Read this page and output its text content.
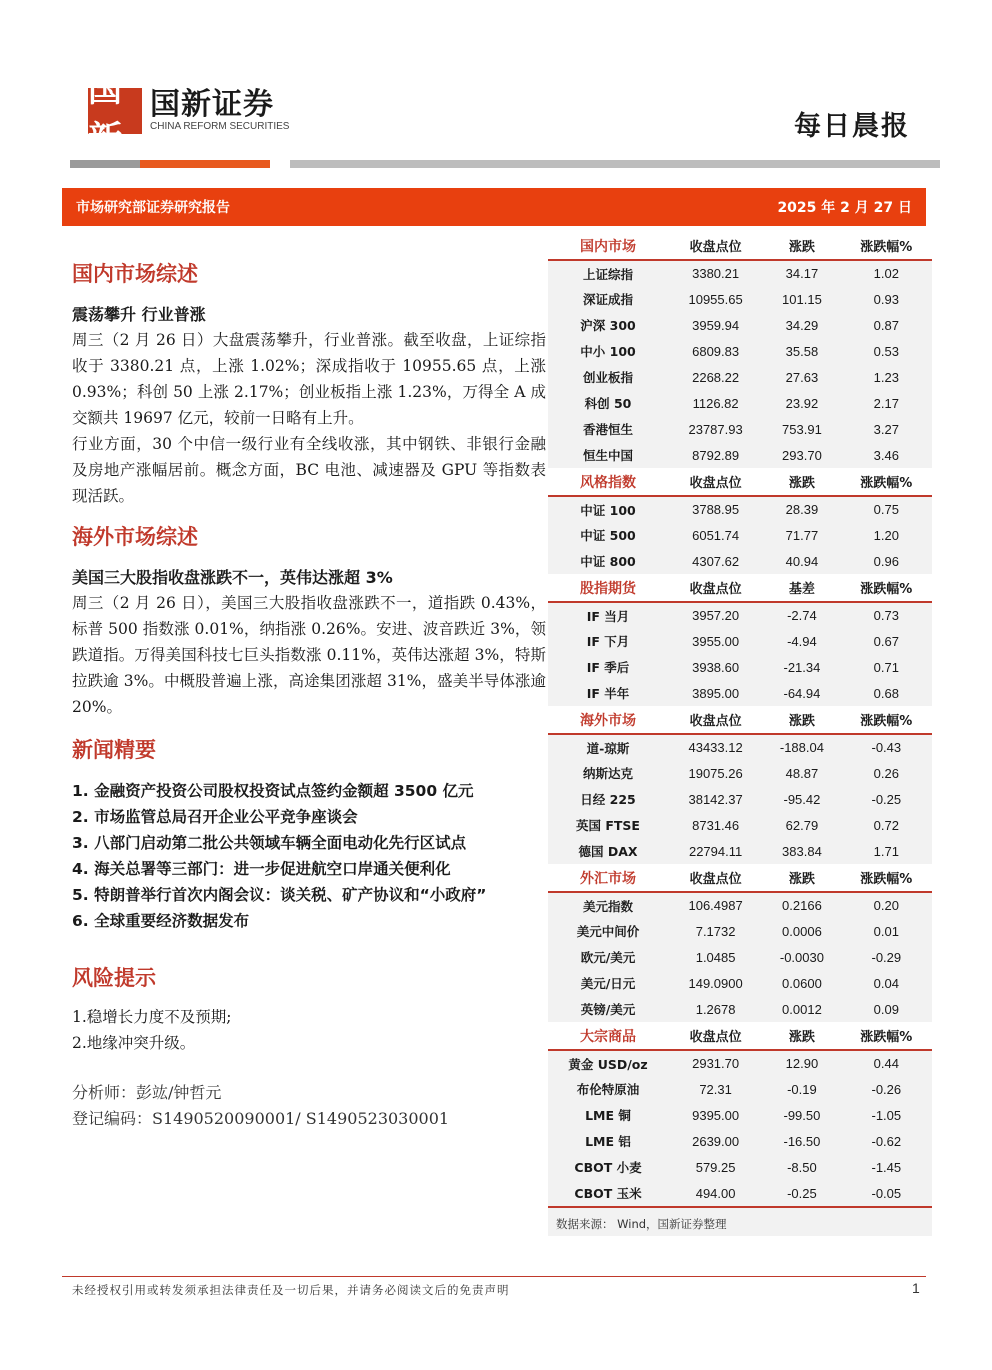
国新
国新证券
CHINA REFORM SECURITIES	每日晨报
市场研究部证券研究报告	2025 年 2 月 27 日
国内市场综述
震荡攀升 行业普涨
周三（2 月 26 日）大盘震荡攀升，行业普涨。截至收盘，上证综指收于 3380.21 点，上涨 1.02%；深成指收于 10955.65 点，上涨 0.93%；科创 50 上涨 2.17%；创业板指上涨 1.23%，万得全 A 成交额共 19697 亿元，较前一日略有上升。
行业方面，30 个中信一级行业有全线收涨，其中钢铁、非银行金融及房地产涨幅居前。概念方面，BC 电池、减速器及 GPU 等指数表现活跃。
海外市场综述
美国三大股指收盘涨跌不一，英伟达涨超 3%
周三（2 月 26 日），美国三大股指收盘涨跌不一，道指跌 0.43%，标普 500 指数涨 0.01%，纳指涨 0.26%。安进、波音跌近 3%，领跌道指。万得美国科技七巨头指数涨 0.11%，英伟达涨超 3%，特斯拉跌逾 3%。中概股普遍上涨，高途集团涨超 31%，盛美半导体涨逾 20%。
新闻精要
1. 金融资产投资公司股权投资试点签约金额超 3500 亿元
2. 市场监管总局召开企业公平竞争座谈会
3. 八部门启动第二批公共领域车辆全面电动化先行区试点
4. 海关总署等三部门：进一步促进航空口岸通关便利化
5. 特朗普举行首次内阁会议：谈关税、矿产协议和“小政府”
6. 全球重要经济数据发布
风险提示
1.稳增长力度不及预期;
2.地缘冲突升级。
分析师：彭竑/钟哲元
登记编码：S1490520090001/ S1490523030001
国内市场	收盘点位	涨跌	涨跌幅%
上证综指	3380.21	34.17	1.02
深证成指	10955.65	101.15	0.93
沪深 300	3959.94	34.29	0.87
中小 100	6809.83	35.58	0.53
创业板指	2268.22	27.63	1.23
科创 50	1126.82	23.92	2.17
香港恒生	23787.93	753.91	3.27
恒生中国	8792.89	293.70	3.46
风格指数	收盘点位	涨跌	涨跌幅%
中证 100	3788.95	28.39	0.75
中证 500	6051.74	71.77	1.20
中证 800	4307.62	40.94	0.96
股指期货	收盘点位	基差	涨跌幅%
IF 当月	3957.20	-2.74	0.73
IF 下月	3955.00	-4.94	0.67
IF 季后	3938.60	-21.34	0.71
IF 半年	3895.00	-64.94	0.68
海外市场	收盘点位	涨跌	涨跌幅%
道-琼斯	43433.12	-188.04	-0.43
纳斯达克	19075.26	48.87	0.26
日经 225	38142.37	-95.42	-0.25
英国 FTSE	8731.46	62.79	0.72
德国 DAX	22794.11	383.84	1.71
外汇市场	收盘点位	涨跌	涨跌幅%
美元指数	106.4987	0.2166	0.20
美元中间价	7.1732	0.0006	0.01
欧元/美元	1.0485	-0.0030	-0.29
美元/日元	149.0900	0.0600	0.04
英镑/美元	1.2678	0.0012	0.09
大宗商品	收盘点位	涨跌	涨跌幅%
黄金 USD/oz	2931.70	12.90	0.44
布伦特原油	72.31	-0.19	-0.26
LME 铜	9395.00	-99.50	-1.05
LME 铝	2639.00	-16.50	-0.62
CBOT 小麦	579.25	-8.50	-1.45
CBOT 玉米	494.00	-0.25	-0.05
数据来源： Wind，国新证券整理
未经授权引用或转发须承担法律责任及一切后果，并请务必阅读文后的免责声明	1
